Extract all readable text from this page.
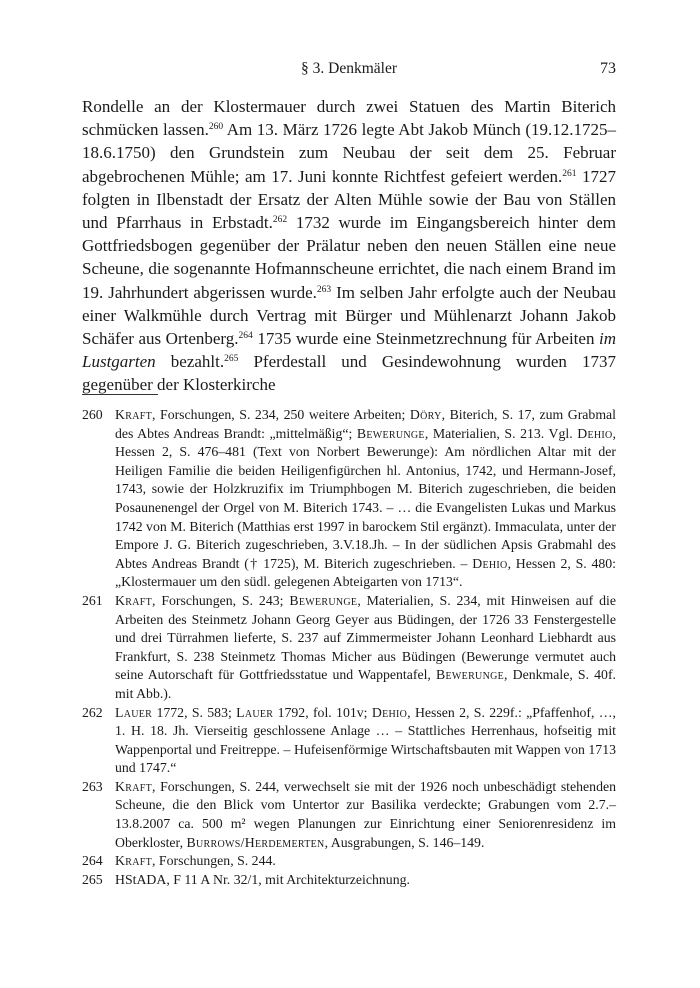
§ 3. Denkmäler	73

Rondelle an der Klostermauer durch zwei Statuen des Martin Biterich schmücken lassen.$^{260}$ Am 13. März 1726 legte Abt Jakob Münch (19.12.1725–18.6.1750) den Grundstein zum Neubau der seit dem 25. Februar abgebrochenen Mühle; am 17. Juni konnte Richtfest gefeiert werden.$^{261}$ 1727 folgten in Ilbenstadt der Ersatz der Alten Mühle sowie der Bau von Ställen und Pfarrhaus in Erbstadt.$^{262}$ 1732 wurde im Eingangsbereich hinter dem Gottfriedsbogen gegenüber der Prälatur neben den neuen Ställen eine neue Scheune, die sogenannte Hofmannscheune errichtet, die nach einem Brand im 19. Jahrhundert abgerissen wurde.$^{263}$ Im selben Jahr erfolgte auch der Neubau einer Walkmühle durch Vertrag mit Bürger und Mühlenarzt Johann Jakob Schäfer aus Ortenberg.$^{264}$ 1735 wurde eine Steinmetzrechnung für Arbeiten im Lustgarten bezahlt.$^{265}$ Pferdestall und Gesindewohnung wurden 1737 gegenüber der Klosterkirche

260 Kraft, Forschungen, S. 234, 250 weitere Arbeiten; Döry, Biterich, S. 17, zum Grabmal des Abtes Andreas Brandt: „mittelmäßig“; Bewerunge, Materialien, S. 213. Vgl. Dehio, Hessen 2, S. 476–481 (Text von Norbert Bewerunge): Am nördlichen Altar mit der Heiligen Familie die beiden Heiligenfigürchen hl. Antonius, 1742, und Hermann-Josef, 1743, sowie der Holzkruzifix im Triumphbogen M. Biterich zugeschrieben, die beiden Posaunenengel der Orgel von M. Biterich 1743. – … die Evangelisten Lukas und Markus 1742 von M. Biterich (Matthias erst 1997 in barockem Stil ergänzt). Immaculata, unter der Empore J. G. Biterich zugeschrieben, 3.V.18.Jh. – In der südlichen Apsis Grabmahl des Abtes Andreas Brandt († 1725), M. Biterich zugeschrieben. – Dehio, Hessen 2, S. 480: „Klostermauer um den südl. gelegenen Abteigarten von 1713“.
261 Kraft, Forschungen, S. 243; Bewerunge, Materialien, S. 234, mit Hinweisen auf die Arbeiten des Steinmetz Johann Georg Geyer aus Büdingen, der 1726 33 Fenstergestelle und drei Türrahmen lieferte, S. 237 auf Zimmermeister Johann Leonhard Liebhardt aus Frankfurt, S. 238 Steinmetz Thomas Micher aus Büdingen (Bewerunge vermutet auch seine Autorschaft für Gottfriedsstatue und Wappentafel, Bewerunge, Denkmale, S. 40f. mit Abb.).
262 Lauer 1772, S. 583; Lauer 1792, fol. 101v; Dehio, Hessen 2, S. 229f.: „Pfaffenhof, …, 1. H. 18. Jh. Vierseitig geschlossene Anlage … – Stattliches Herrenhaus, hofseitig mit Wappenportal und Freitreppe. – Hufeisenförmige Wirtschaftsbauten mit Wappen von 1713 und 1747.“
263 Kraft, Forschungen, S. 244, verwechselt sie mit der 1926 noch unbeschädigt stehenden Scheune, die den Blick vom Untertor zur Basilika verdeckte; Grabungen vom 2.7.–13.8.2007 ca. 500 m² wegen Planungen zur Einrichtung einer Seniorenresidenz im Oberkloster, Burrows/Herdemerten, Ausgrabungen, S. 146–149.
264 Kraft, Forschungen, S. 244.
265 HStADA, F 11 A Nr. 32/1, mit Architekturzeichnung.
